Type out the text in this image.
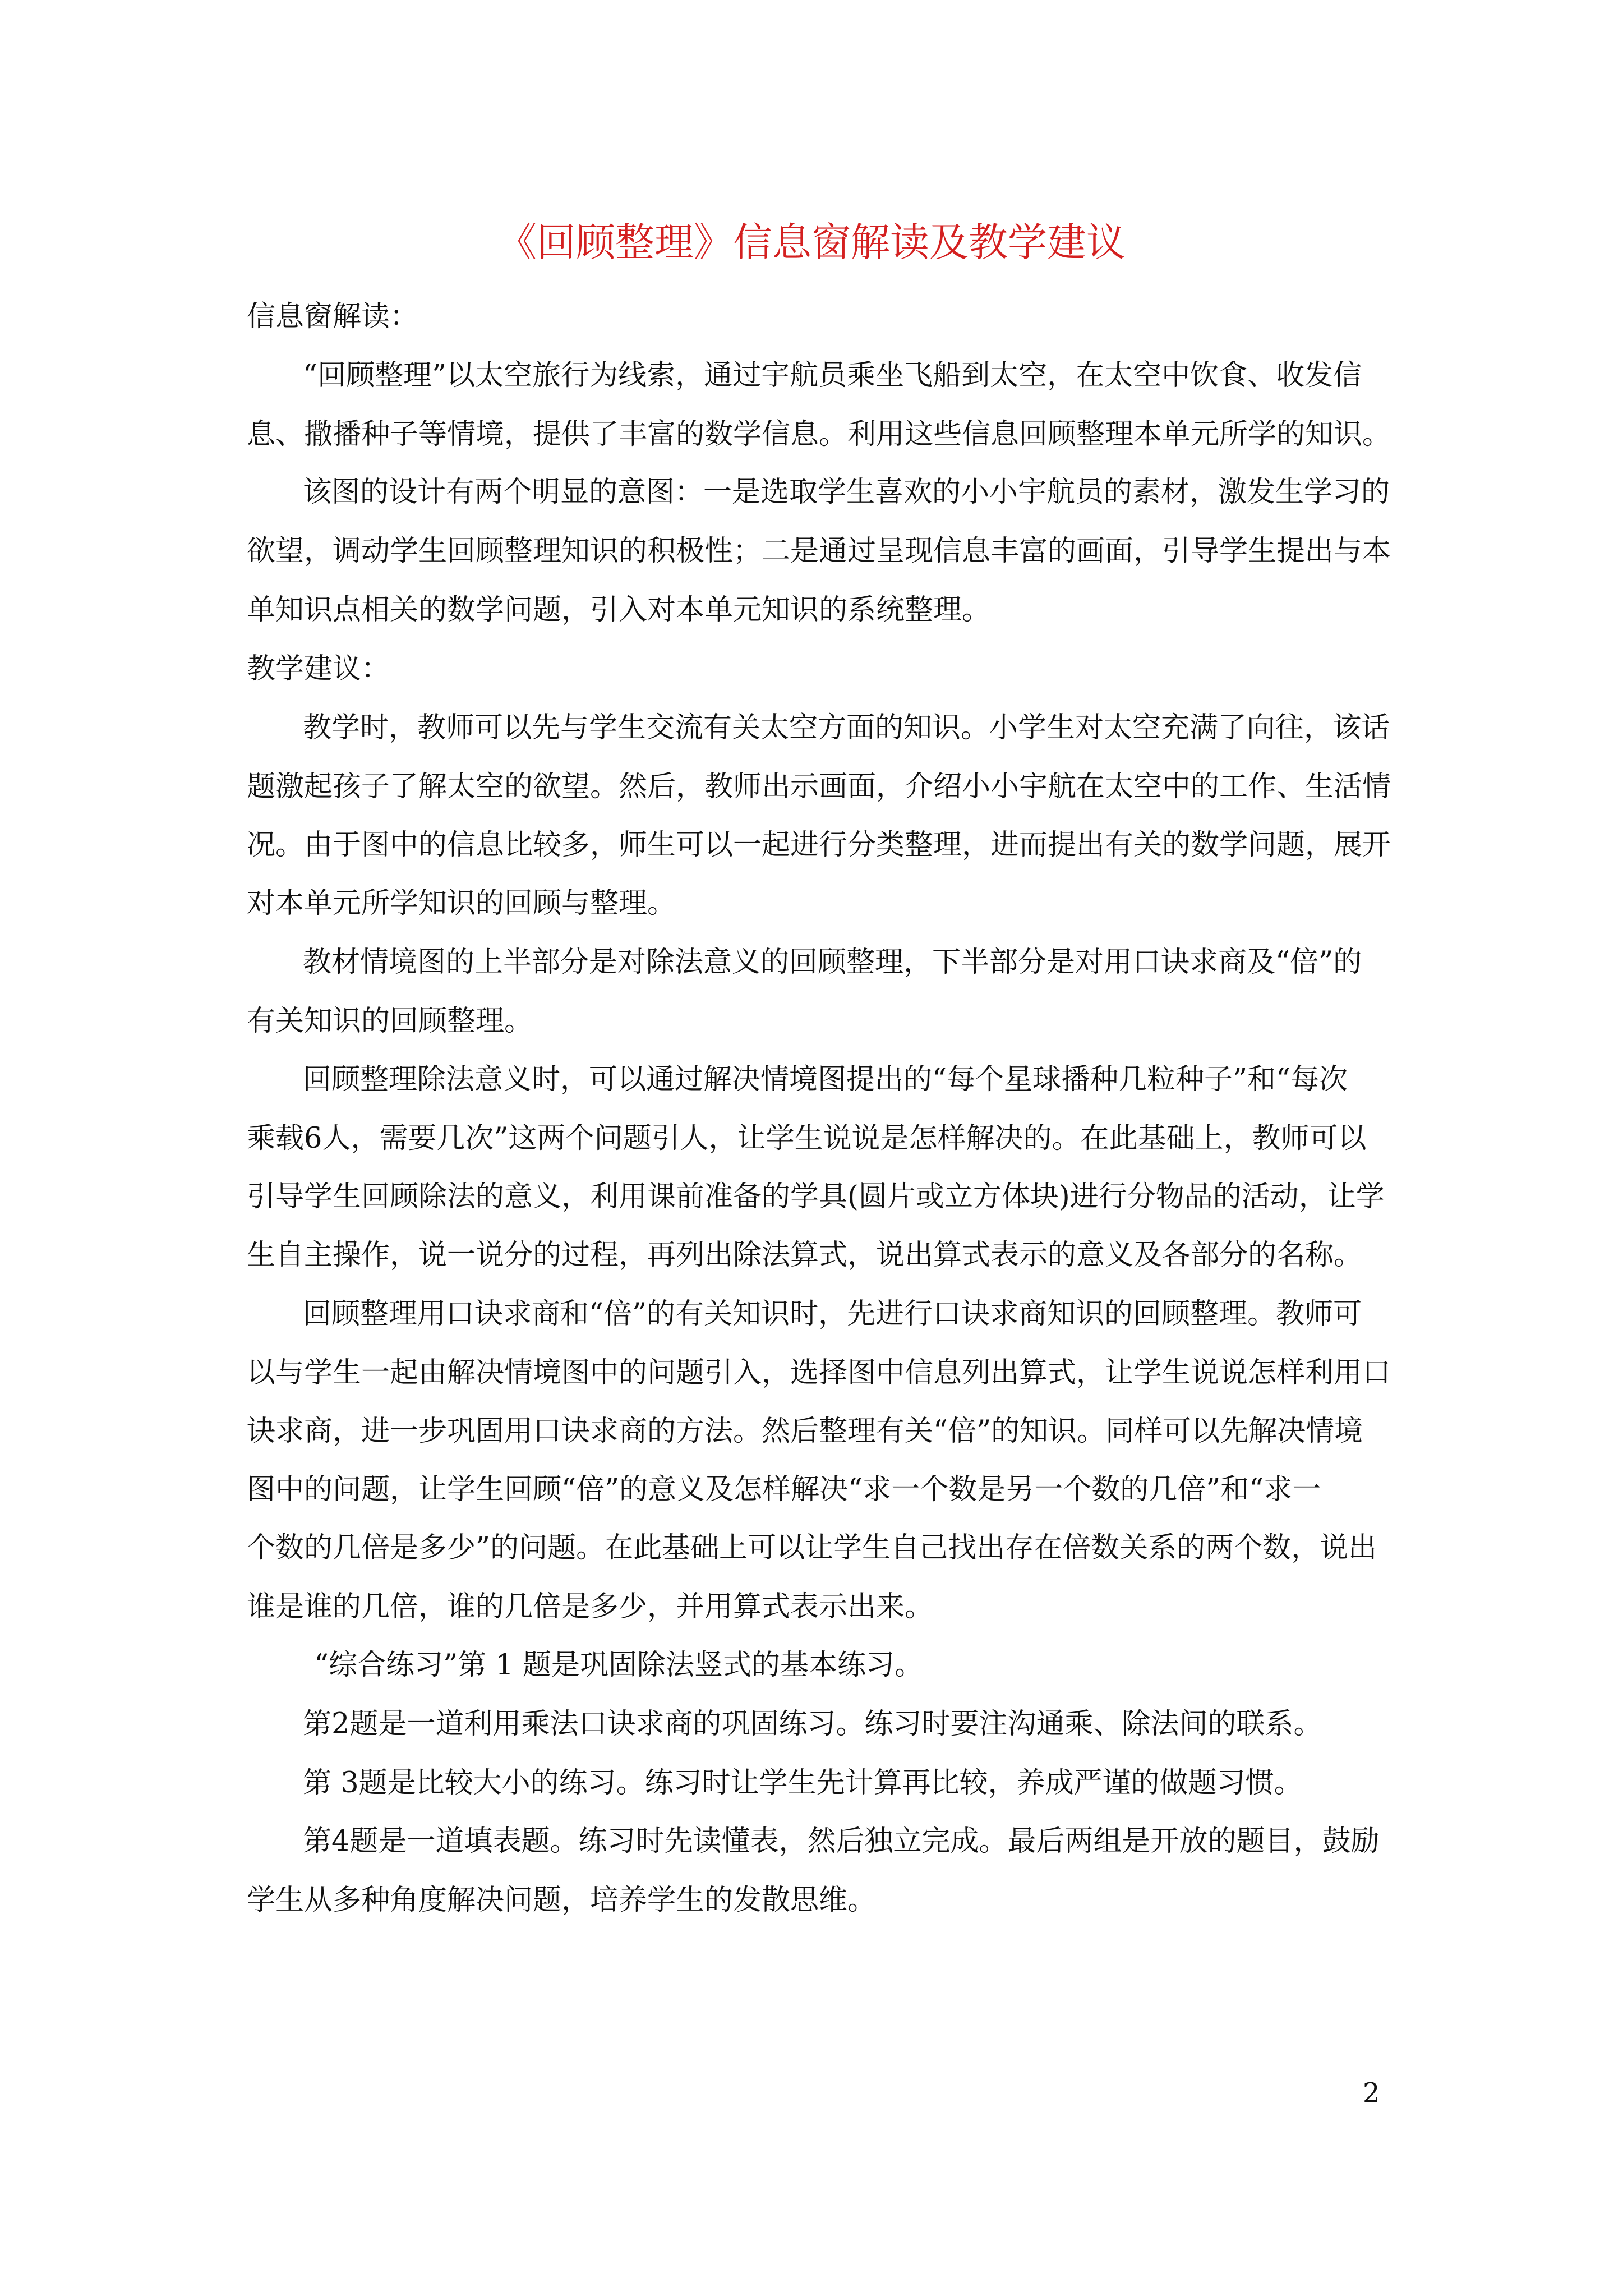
《回顾整理》信息窗解读及教学建议
信息窗解读：
“回顾整理”以太空旅行为线索，通过宇航员乘坐飞船到太空，在太空中饮食、收发信
息、撒播种子等情境，提供了丰富的数学信息。利用这些信息回顾整理本单元所学的知识。
该图的设计有两个明显的意图：一是选取学生喜欢的小小宇航员的素材，激发生学习的
欲望，调动学生回顾整理知识的积极性；二是通过呈现信息丰富的画面，引导学生提出与本
单知识点相关的数学问题，引入对本单元知识的系统整理。
教学建议：
教学时，教师可以先与学生交流有关太空方面的知识。小学生对太空充满了向往，该话
题激起孩子了解太空的欲望。然后，教师出示画面，介绍小小宇航在太空中的工作、生活情
况。由于图中的信息比较多，师生可以一起进行分类整理，进而提出有关的数学问题，展开
对本单元所学知识的回顾与整理。
教材情境图的上半部分是对除法意义的回顾整理，下半部分是对用口诀求商及“倍”的
有关知识的回顾整理。
回顾整理除法意义时，可以通过解决情境图提出的“每个星球播种几粒种子”和“每次
乘载6人，需要几次”这两个问题引人，让学生说说是怎样解决的。在此基础上，教师可以
引导学生回顾除法的意义，利用课前准备的学具(圆片或立方体块)进行分物品的活动，让学
生自主操作，说一说分的过程，再列出除法算式，说出算式表示的意义及各部分的名称。
回顾整理用口诀求商和“倍”的有关知识时，先进行口诀求商知识的回顾整理。教师可
以与学生一起由解决情境图中的问题引入，选择图中信息列出算式，让学生说说怎样利用口
诀求商，进一步巩固用口诀求商的方法。然后整理有关“倍”的知识。同样可以先解决情境
图中的问题，让学生回顾“倍”的意义及怎样解决“求一个数是另一个数的几倍”和“求一
个数的几倍是多少”的问题。在此基础上可以让学生自己找出存在倍数关系的两个数，说出
谁是谁的几倍，谁的几倍是多少，并用算式表示出来。
“综合练习”第 1 题是巩固除法竖式的基本练习。
第2题是一道利用乘法口诀求商的巩固练习。练习时要注沟通乘、除法间的联系。
第 3题是比较大小的练习。练习时让学生先计算再比较，养成严谨的做题习惯。
第4题是一道填表题。练习时先读懂表，然后独立完成。最后两组是开放的题目，鼓励
学生从多种角度解决问题，培养学生的发散思维。
2
